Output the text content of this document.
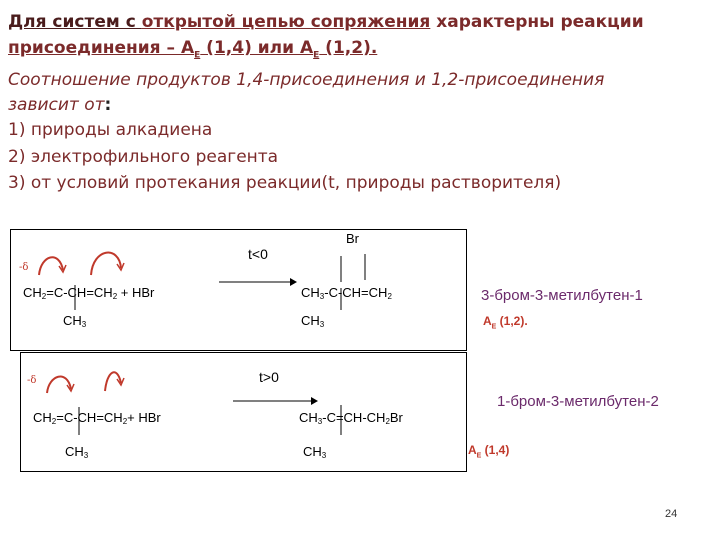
Для систем с открытой цепью сопряжения характерны реакции
присоединения – $А_Е$ (1,4) или $А_Е$ (1,2).
Соотношение продуктов 1,4-присоединения и 1,2-присоединения
зависит от:
1) природы алкадиена
2) электрофильного реагента
3) от условий протекания реакции(t, природы растворителя)
-δ
t<0
Br
$CH_2=C-CH=CH_2$ + HBr
$CH_3$
$CH_3-C-CH=CH_2$
$CH_3$
3-бром-3-метилбутен-1
$А_Е$ (1,2).
-δ	t>0
$CH_2=C-CH=CH_2+$ HBr
$CH_3$
$CH_3-C=CH-CH_2Br$
$CH_3$
1-бром-3-метилбутен-2
$А_Е$ (1,4)
24
